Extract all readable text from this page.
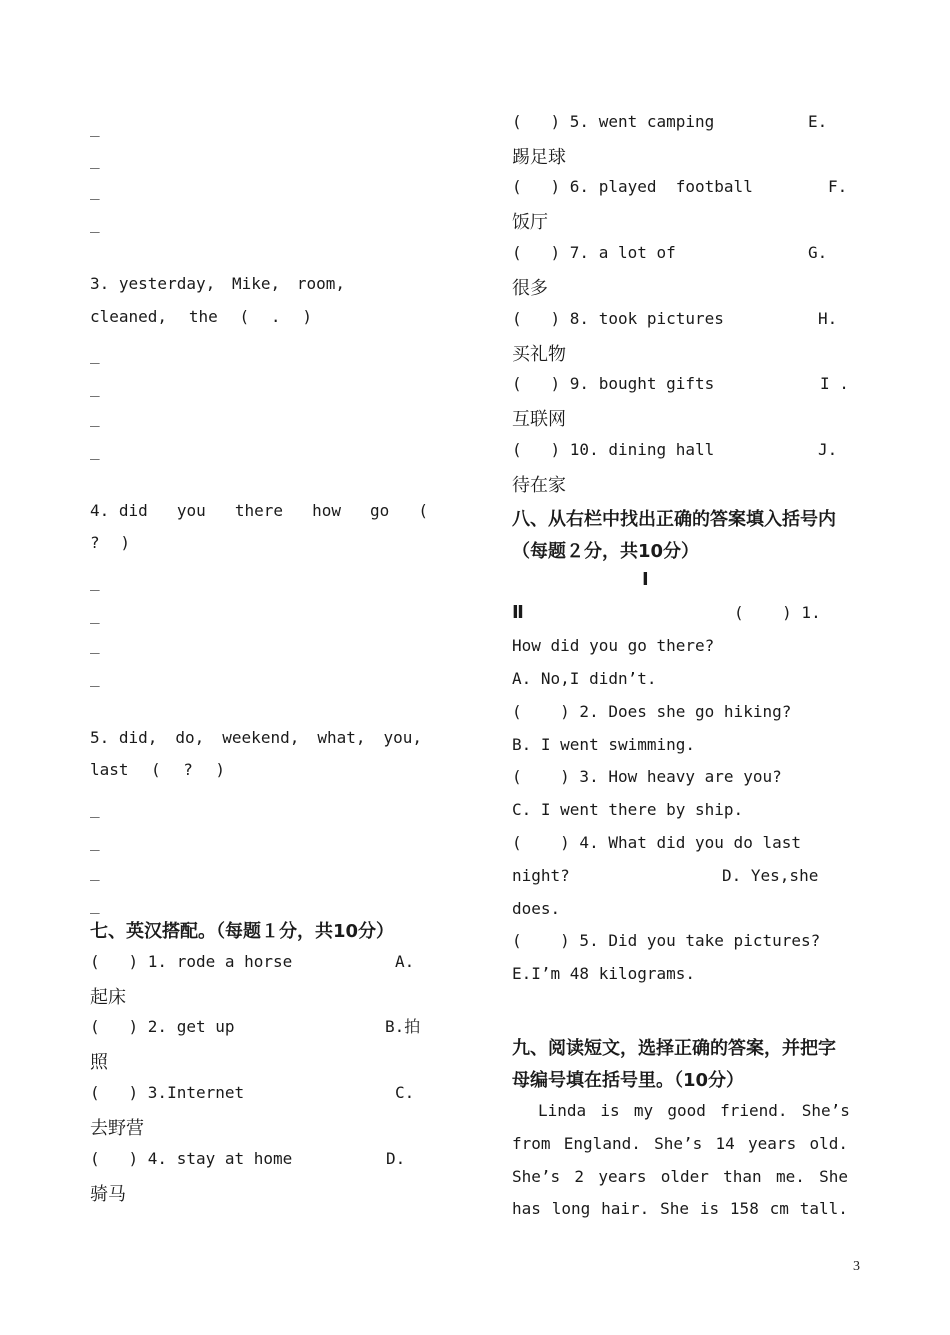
_
_
_
_
3. yesterday, Mike, room,
cleaned, the ( . )
_
_
_
_
4. did you there how go (
? )
_
_
_
_
5. did, do, weekend, what, you,
last ( ? )
_
_
_
_
七、英汉搭配。（每题１分，共10分）
(   ) 1. rode a horse	A.
起床
(   ) 2. get up	B.拍
照
(   ) 3.Internet	C.
去野营
(   ) 4. stay at home	D.
骑马
(   ) 5. went camping	E.
踢足球
(   ) 6. played  football	F.
饭厅
(   ) 7. a lot of	G.
很多
(   ) 8. took pictures	H.
买礼物
(   ) 9. bought gifts	I .
互联网
(   ) 10. dining hall	J.
待在家
八、从右栏中找出正确的答案填入括号内
（每题２分，共10分）
Ⅰ
Ⅱ	(    ) 1.
How did you go there?
A. No,I didn’t.
(    ) 2. Does she go hiking?
B. I went swimming.
(    ) 3. How heavy are you?
C. I went there by ship.
(    ) 4. What did you do last
night?	D. Yes,she
does.
(    ) 5. Did you take pictures?
E.I’m 48 kilograms.
九、阅读短文，选择正确的答案，并把字
母编号填在括号里。（10分）
Linda is my good friend. She’s
from England. She’s 14 years old.
She’s 2 years older than me. She
has long hair. She is 158 cm tall.
3
